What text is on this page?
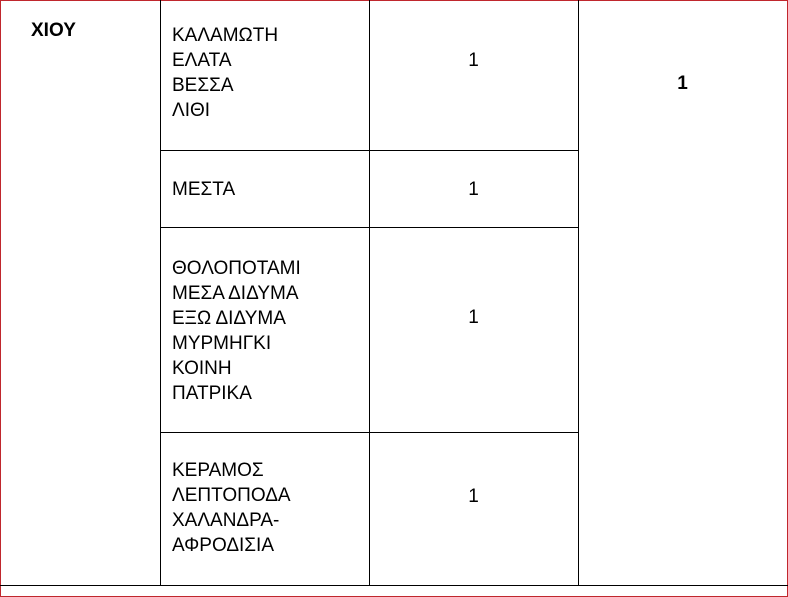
ΧΙΟΥ	ΚΑΛΑΜΩΤΗ
ΕΛΑΤΑ
ΒΕΣΣΑ
ΛΙΘΙ
1
ΜΕΣΤΑ	1
ΘΟΛΟΠΟΤΑΜΙ
ΜΕΣΑ ΔΙΔΥΜΑ
ΕΞΩ ΔΙΔΥΜΑ
ΜΥΡΜΗΓΚΙ
ΚΟΙΝΗ
ΠΑΤΡΙΚΑ
1
ΚΕΡΑΜΟΣ
ΛΕΠΤΟΠΟΔΑ
ΧΑΛΑΝΔΡΑ-
ΑΦΡΟΔΙΣΙΑ
1
1
